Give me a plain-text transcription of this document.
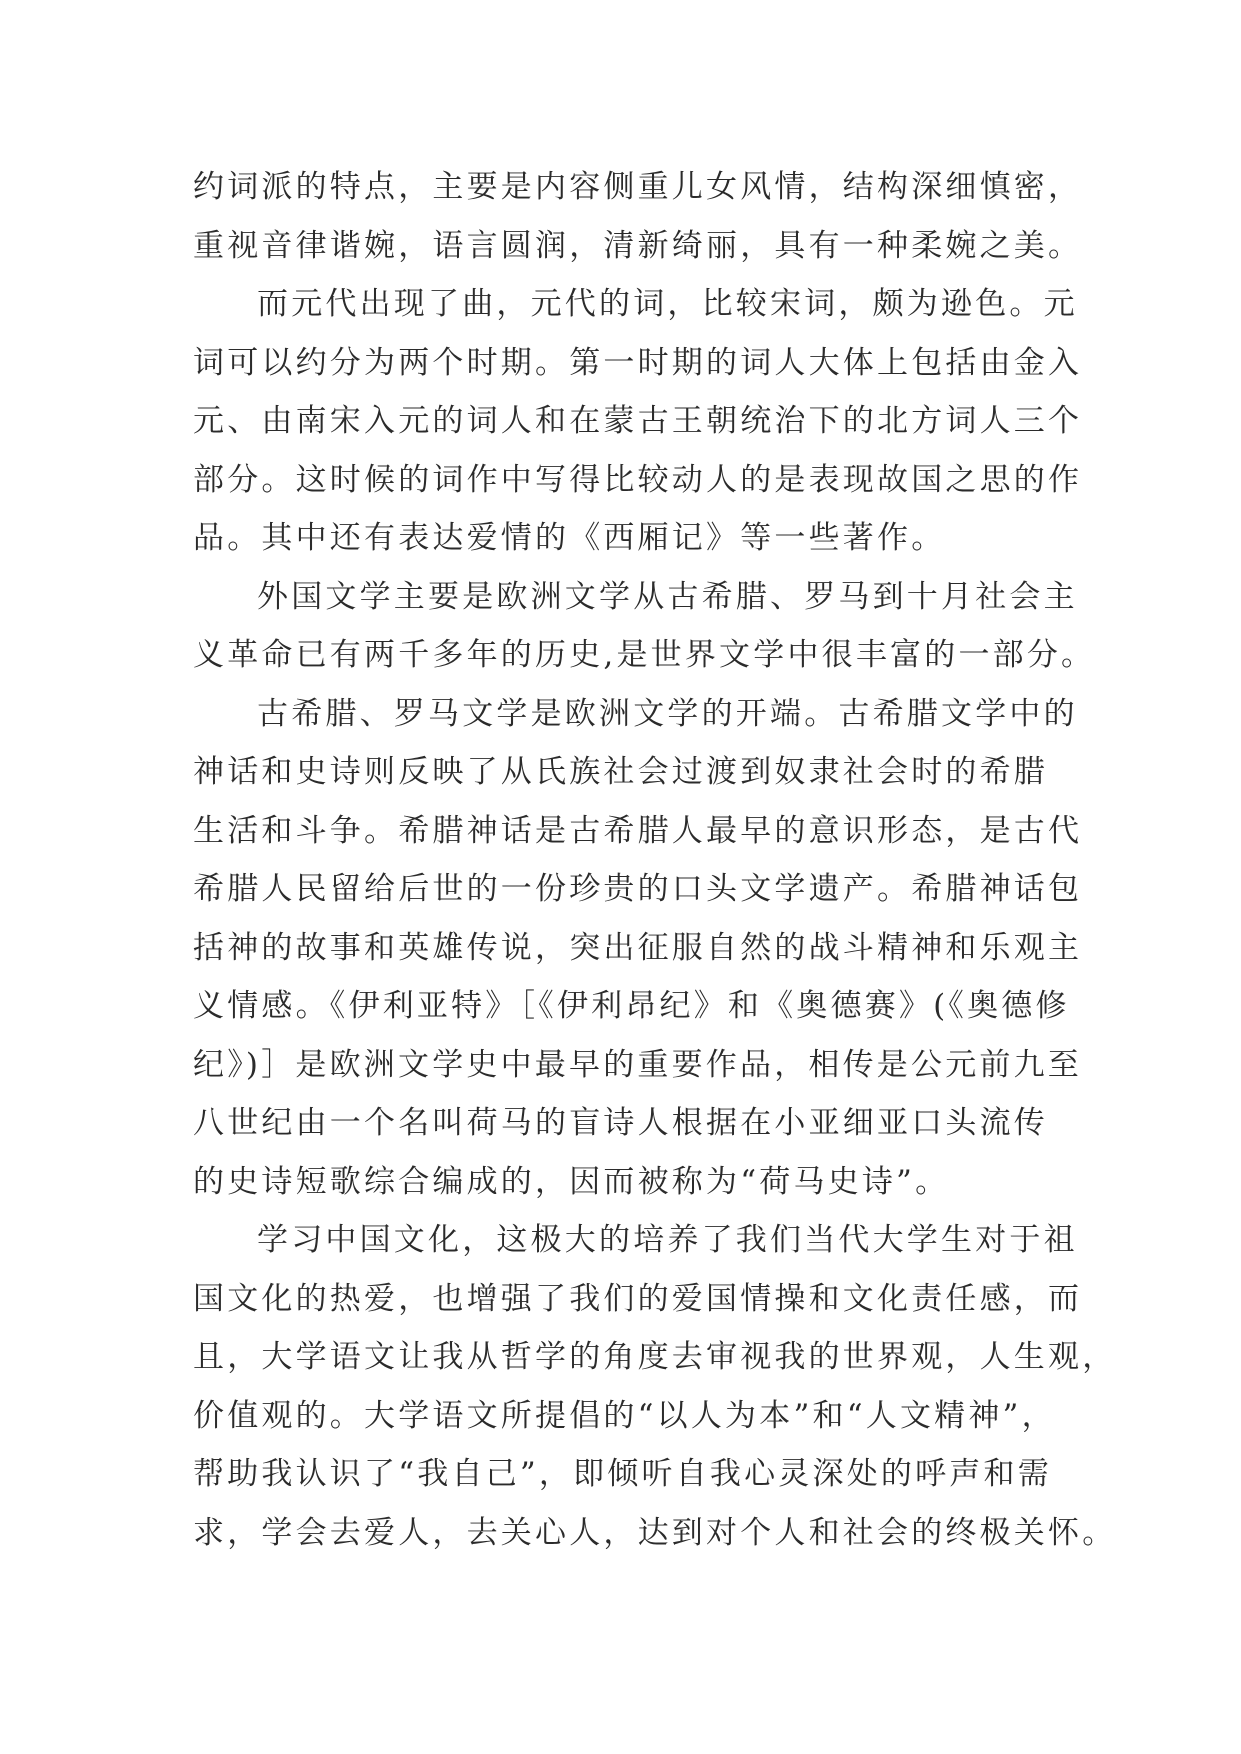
约词派的特点，主要是内容侧重儿女风情，结构深细慎密，
重视音律谐婉，语言圆润，清新绮丽，具有一种柔婉之美。
而元代出现了曲，元代的词，比较宋词，颇为逊色。元
词可以约分为两个时期。第一时期的词人大体上包括由金入
元、由南宋入元的词人和在蒙古王朝统治下的北方词人三个
部分。这时候的词作中写得比较动人的是表现故国之思的作
品。其中还有表达爱情的《西厢记》等一些著作。
外国文学主要是欧洲文学从古希腊、罗马到十月社会主
义革命已有两千多年的历史,是世界文学中很丰富的一部分。
古希腊、罗马文学是欧洲文学的开端。古希腊文学中的
神话和史诗则反映了从氏族社会过渡到奴隶社会时的希腊
生活和斗争。希腊神话是古希腊人最早的意识形态，是古代
希腊人民留给后世的一份珍贵的口头文学遗产。希腊神话包
括神的故事和英雄传说，突出征服自然的战斗精神和乐观主
义情感。《伊利亚特》［《伊利昂纪》和《奥德赛》(《奥德修
纪》)］是欧洲文学史中最早的重要作品，相传是公元前九至
八世纪由一个名叫荷马的盲诗人根据在小亚细亚口头流传
的史诗短歌综合编成的，因而被称为“荷马史诗”。
学习中国文化，这极大的培养了我们当代大学生对于祖
国文化的热爱，也增强了我们的爱国情操和文化责任感，而
且，大学语文让我从哲学的角度去审视我的世界观，人生观，
价值观的。大学语文所提倡的“以人为本”和“人文精神”，
帮助我认识了“我自己”，即倾听自我心灵深处的呼声和需
求，学会去爱人，去关心人，达到对个人和社会的终极关怀。
